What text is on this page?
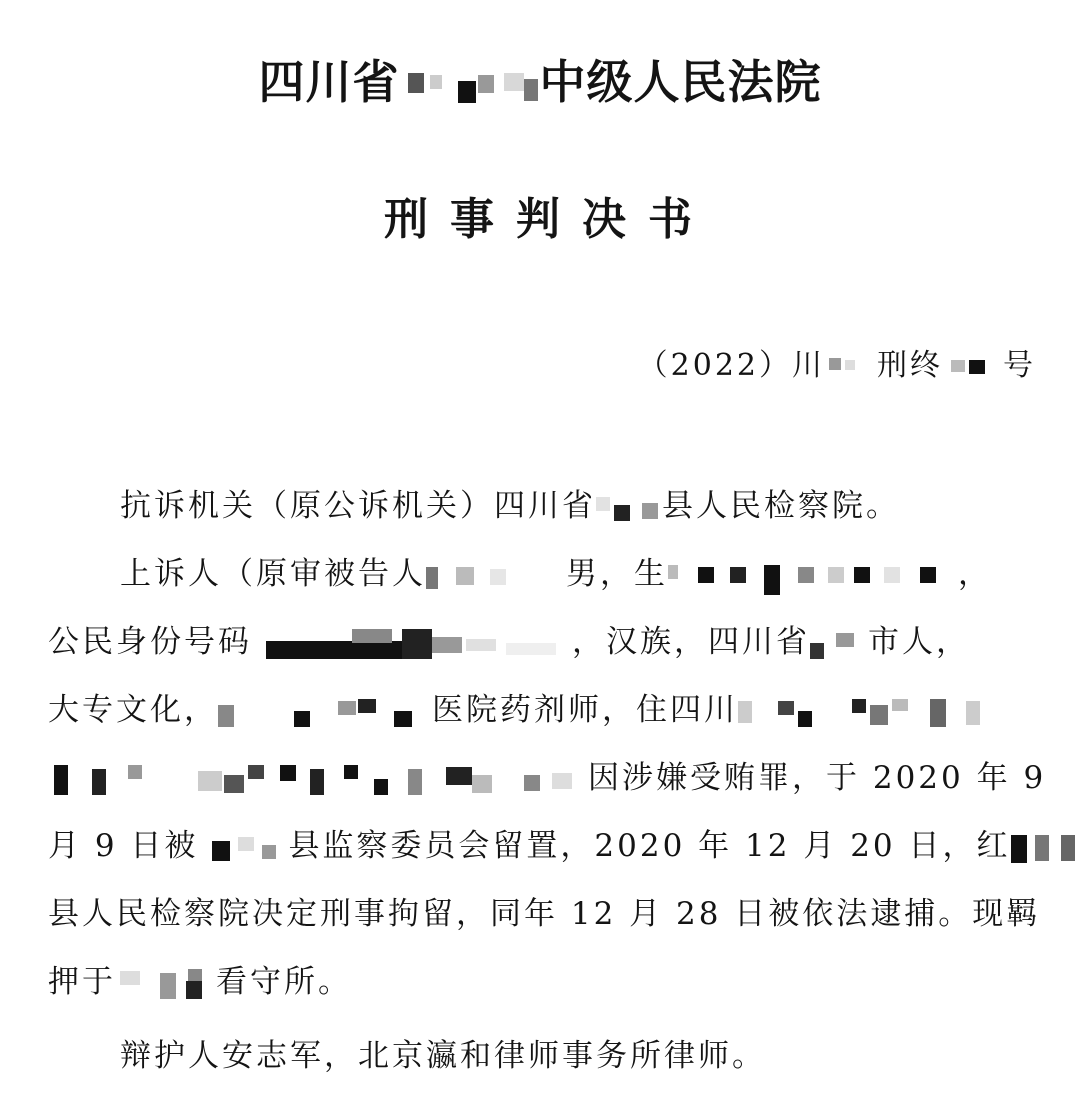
四川省	中级人民法院
刑事判决书
（2022）川 刑终 号
抗诉机关（原公诉机关）四川省 县人民检察院。
上诉人（原审被告人	男，生	，
公民身份号码	，汉族，四川省 市人，
大专文化，	医院药剂师，住四川
因涉嫌受贿罪，于 2020 年 9
月 9 日被	县监察委员会留置，2020 年 12 月 20 日，红
县人民检察院决定刑事拘留，同年 12 月 28 日被依法逮捕。现羁
押于	看守所。
辩护人安志军，北京瀛和律师事务所律师。
